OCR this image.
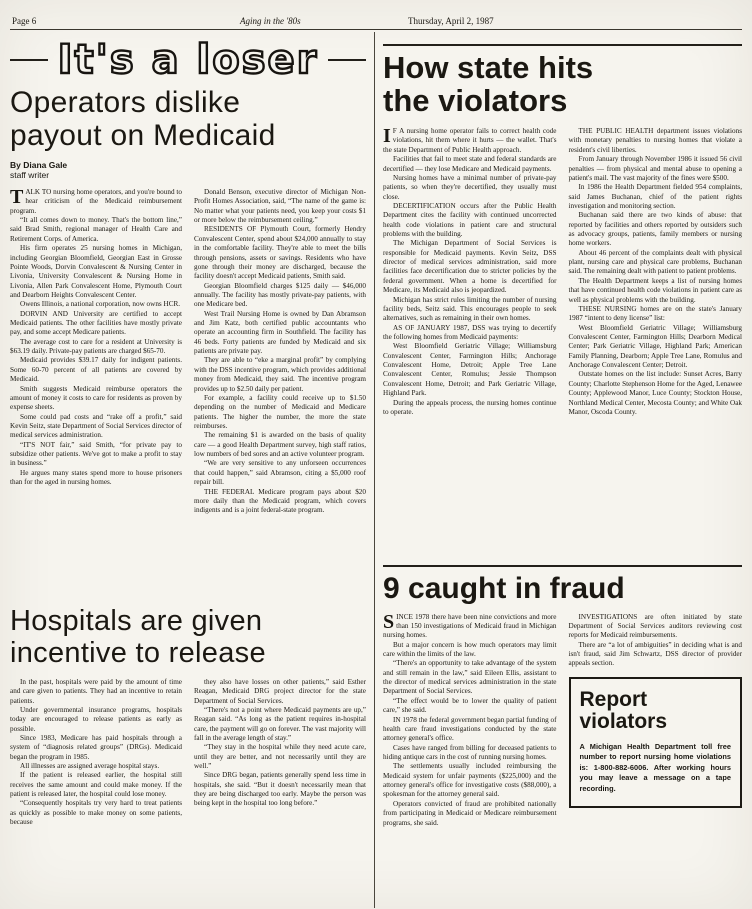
Page 6	Aging in the '80s	Thursday, April 2, 1987
It's a loser
Operators dislike
payout on Medicaid
By Diana Gale
staff writer

TALK TO nursing home operators, and you're bound to hear criticism of the Medicaid reimbursement program.

“It all comes down to money. That's the bottom line,” said Brad Smith, regional manager of Health Care and Retirement Corps. of America.

His firm operates 25 nursing homes in Michigan, including Georgian Bloomfield, Georgian East in Grosse Pointe Woods, Dorvin Convalescent & Nursing Center in Livonia, University Convalescent & Nursing Home in Livonia, Allen Park Convalescent Home, Plymouth Court and Dearborn Heights Convalescent Center.

Owens Illinois, a national corporation, now owns HCR.

DORVIN AND University are certified to accept Medicaid patients. The other facilities have mostly private pay, and some accept Medicare patients.

The average cost to care for a resident at University is $63.19 daily. Private-pay patients are charged $65-70.

Medicaid provides $39.17 daily for indigent patients. Some 60-70 percent of all patients are covered by Medicaid.

Smith suggests Medicaid reimburse operators the amount of money it costs to care for residents as proven by expense sheets.

Some could pad costs and “rake off a profit,” said Kevin Seitz, state Department of Social Services director of medical services administration.

“IT'S NOT fair,” said Smith, “for private pay to subsidize other patients. We've got to make a profit to stay in business.”

He argues many states spend more to house prisoners than for the aged in nursing homes.

Donald Benson, executive director of Michigan Non-Profit Homes Association, said, “The name of the game is: No matter what your patients need, you keep your costs $1 or more below the reimbursement ceiling.”

RESIDENTS OF Plymouth Court, formerly Hendry Convalescent Center, spend about $24,000 annually to stay in the comfortable facility. They're able to meet the bills through pensions, assets or savings. Residents who have gone through their money are discharged, because the facility doesn't accept Medicaid patients, Smith said.

Georgian Bloomfield charges $125 daily — $46,000 annually. The facility has mostly private-pay patients, with one Medicare bed.

West Trail Nursing Home is owned by Dan Abramson and Jim Katz, both certified public accountants who operate an accounting firm in Southfield. The facility has 46 beds. Forty patients are funded by Medicaid and six patients are private pay.

They are able to “eke a marginal profit” by complying with the DSS incentive program, which provides additional money from Medicaid, they said. The incentive program provides up to $2.50 daily per patient.

For example, a facility could receive up to $1.50 depending on the number of Medicaid and Medicare patients. The higher the number, the more the state reimburses.

The remaining $1 is awarded on the basis of quality care — a good Health Department survey, high staff ratios, low numbers of bed sores and an active volunteer program.

“We are very sensitive to any unforseen occurrences that could happen,” said Abramson, citing a $5,000 roof repair bill.

THE FEDERAL Medicare program pays about $20 more daily than the Medicaid program, which covers indigents and is a joint federal-state program.

Hospitals are given
incentive to release

In the past, hospitals were paid by the amount of time and care given to patients. They had an incentive to retain patients.

Under governmental insurance programs, hospitals today are encouraged to release patients as early as possible.

Since 1983, Medicare has paid hospitals through a system of “diagnosis related groups” (DRGs). Medicaid began the program in 1985.

All illnesses are assigned average hospital stays.

If the patient is released earlier, the hospital still receives the same amount and could make money. If the patient is released later, the hospital could lose money.

“Consequently hospitals try very hard to treat patients as quickly as possible to make money on some patients, because

they also have losses on other patients,” said Esther Reagan, Medicaid DRG project director for the state Department of Social Services.

“There's not a point where Medicaid payments are up,” Reagan said. “As long as the patient requires in-hospital care, the payment will go on forever. The vast majority will fall in the average length of stay.”

“They stay in the hospital while they need acute care, until they are better, and not necessarily until they are well.”

Since DRG began, patients generally spend less time in hospitals, she said. “But it doesn't necessarily mean that they are being discharged too early. Maybe the person was being kept in the hospital too long before.”

How state hits
the violators

I F A nursing home operator fails to correct health code violations, hit them where it hurts — the wallet. That's the state Department of Public Health approach.

Facilities that fail to meet state and federal standards are decertified — they lose Medicare and Medicaid payments.

Nursing homes have a minimal number of private-pay patients, so when they're decertified, they usually must close.

DECERTIFICATION occurs after the Public Health Department cites the facility with continued uncorrected health code violations in patient care and structural problems with the building.

The Michigan Department of Social Services is responsible for Medicaid payments. Kevin Seitz, DSS director of medical services administration, said more facilities face decertification due to stricter policies by the federal government. When a home is decertified for Medicare, its Medicaid also is jeopardized.

Michigan has strict rules limiting the number of nursing facility beds, Seitz said. This encourages people to seek alternatives, such as remaining in their own homes.

AS OF JANUARY 1987, DSS was trying to decertify the following homes from Medicaid payments:

West Bloomfield Geriatric Village; Williamsburg Convalescent Center, Farmington Hills; Anchorage Convalescent Home, Detroit; Apple Tree Lane Convalescent Center, Romulus; Jessie Thompson Convalescent Home, Detroit; and Park Geriatric Village, Highland Park.

During the appeals process, the nursing homes continue to operate.

THE PUBLIC HEALTH department issues violations with monetary penalties to nursing homes that violate a resident's civil liberties.

From January through November 1986 it issued 56 civil penalties — from physical and mental abuse to opening a patient's mail. The vast majority of the fines were $500.

In 1986 the Health Department fielded 954 complaints, said James Buchanan, chief of the patient rights investigation and monitoring section.

Buchanan said there are two kinds of abuse: that reported by facilities and others reported by outsiders such as advocacy groups, patients, family members or nursing home workers.

About 46 percent of the complaints dealt with physical plant, nursing care and physical care problems, Buchanan said. The remaining dealt with patient to patient problems.

The Health Department keeps a list of nursing homes that have continued health code violations in patient care as well as physical problems with the building.

THESE NURSING homes are on the state's January 1987 “intent to deny license” list:

West Bloomfield Geriatric Village; Williamsburg Convalescent Center, Farmington Hills; Dearborn Medical Center; Park Geriatric Village, Highland Park; American Family Planning, Dearborn; Apple Tree Lane, Romulus and Anchorage Convalescent Center; Detroit.

Outstate homes on the list include: Sunset Acres, Barry County; Charlotte Stephenson Home for the Aged, Lenawee County; Applewood Manor, Luce County; Stockton House, Northland Medical Center, Mecosta County; and White Oak Manor, Oscoda County.

9 caught in fraud

SINCE 1978 there have been nine convictions and more than 150 investigations of Medicaid fraud in Michigan nursing homes.

But a major concern is how much operators may limit care within the limits of the law.

“There's an opportunity to take advantage of the system and still remain in the law,” said Eileen Ellis, assistant to the director of medical services administration in the state Department of Social Services.

“The effect would be to lower the quality of patient care,” she said.

IN 1978 the federal government began partial funding of health care fraud investigations conducted by the state attorney general's office.

Cases have ranged from billing for deceased patients to hiding antique cars in the cost of running nursing homes.

The settlements usually included reimbursing the Medicaid system for unfair payments ($225,000) and the attorney general's office for investigative costs ($88,000), a spokesman for the attorney general said.

Operators convicted of fraud are prohibited nationally from participating in Medicaid or Medicare reimbursement programs, she said.

INVESTIGATIONS are often initiated by state Department of Social Services auditors reviewing cost reports for Medicaid reimbursements.

There are “a lot of ambiguities” in deciding what is and isn't fraud, said Jim Schwartz, DSS director of provider appeals section.

Report
violators

A Michigan Health Department toll free number to report nursing home violations is: 1-800-882-6006. After working hours you may leave a message on a tape recording.
